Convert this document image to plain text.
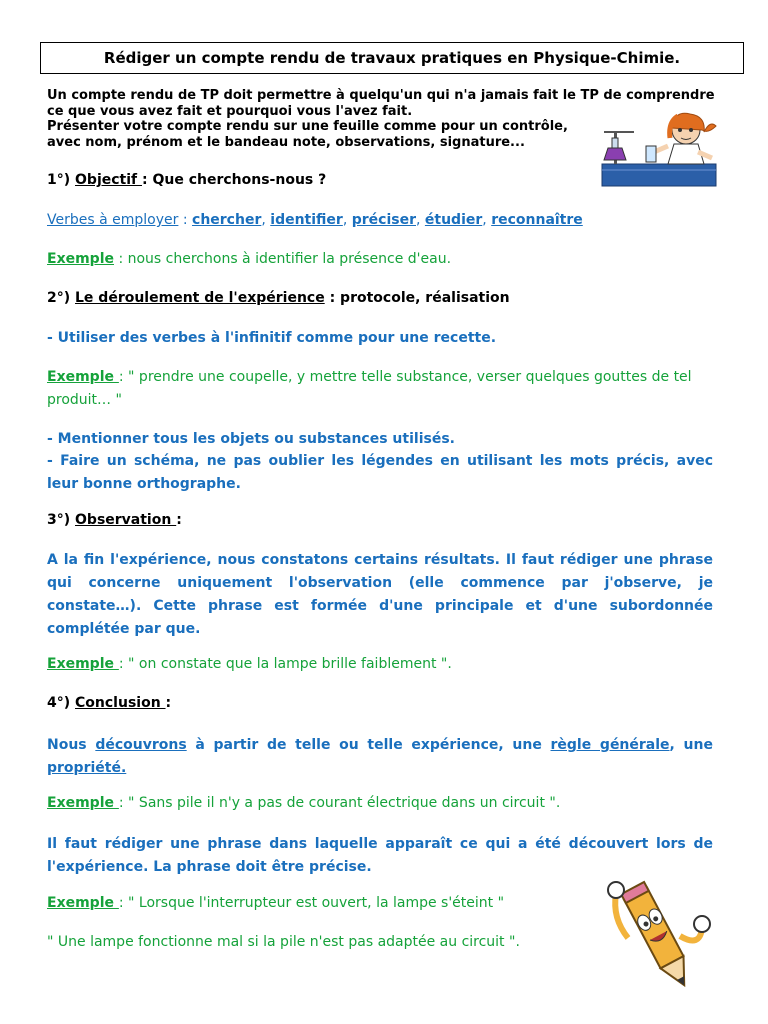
Rédiger un compte rendu de travaux pratiques en Physique-Chimie.
Un compte rendu de TP doit permettre à quelqu'un qui n'a jamais fait le TP de comprendre
ce que vous avez fait et pourquoi vous l'avez fait.
Présenter votre compte rendu sur une feuille comme pour un contrôle,
avec nom, prénom et le bandeau note, observations, signature...
1°) Objectif : Que cherchons-nous ?
Verbes à employer : chercher, identifier, préciser, étudier, reconnaître
Exemple : nous cherchons à identifier la présence d'eau.
2°) Le déroulement de l'expérience : protocole, réalisation
- Utiliser des verbes à l'infinitif comme pour une recette.
Exemple : " prendre une coupelle, y mettre telle substance, verser quelques gouttes de tel produit… "
- Mentionner tous les objets ou substances utilisés.
- Faire un schéma, ne pas oublier les légendes en utilisant les mots précis, avec leur bonne orthographe.
3°) Observation :
A la fin l'expérience, nous constatons certains résultats. Il faut rédiger une phrase qui concerne uniquement l'observation (elle commence par j'observe, je constate…). Cette phrase est formée d'une principale et d'une subordonnée complétée par que.
Exemple : " on constate que la lampe brille faiblement ".
4°) Conclusion :
Nous découvrons à partir de telle ou telle expérience, une règle générale, une propriété.
Exemple : " Sans pile il n'y a pas de courant électrique dans un circuit ".
Il faut rédiger une phrase dans laquelle apparaît ce qui a été découvert lors de l'expérience. La phrase doit être précise.
Exemple : " Lorsque l'interrupteur est ouvert, la lampe s'éteint "
" Une lampe fonctionne mal si la pile n'est pas adaptée au circuit ".
